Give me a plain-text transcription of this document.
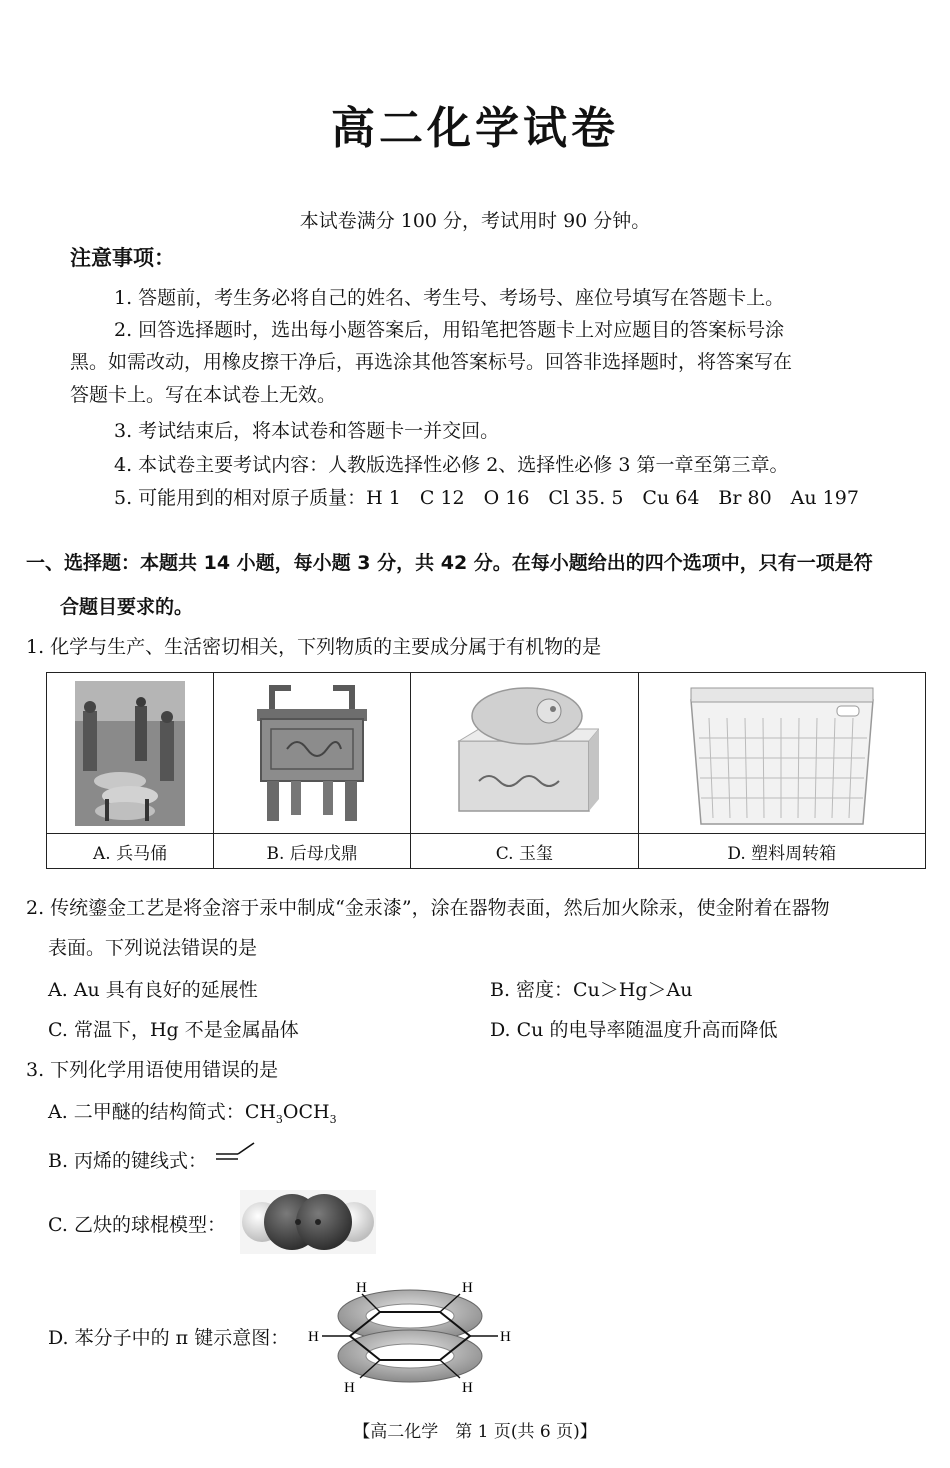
高二化学试卷
本试卷满分 100 分，考试用时 90 分钟。
注意事项：
1. 答题前，考生务必将自己的姓名、考生号、考场号、座位号填写在答题卡上。
2. 回答选择题时，选出每小题答案后，用铅笔把答题卡上对应题目的答案标号涂
黑。如需改动，用橡皮擦干净后，再选涂其他答案标号。回答非选择题时，将答案写在
答题卡上。写在本试卷上无效。
3. 考试结束后，将本试卷和答题卡一并交回。
4. 本试卷主要考试内容：人教版选择性必修 2、选择性必修 3 第一章至第三章。
5. 可能用到的相对原子质量：H 1　C 12　O 16　Cl 35. 5　Cu 64　Br 80　Au 197
一、选择题：本题共 14 小题，每小题 3 分，共 42 分。在每小题给出的四个选项中，只有一项是符
合题目要求的。
1. 化学与生产、生活密切相关，下列物质的主要成分属于有机物的是

A. 兵马俑	B. 后母戊鼎	C. 玉玺	D. 塑料周转箱
2. 传统鎏金工艺是将金溶于汞中制成“金汞漆”，涂在器物表面，然后加火除汞，使金附着在器物
表面。下列说法错误的是
A. Au 具有良好的延展性	B. 密度：Cu＞Hg＞Au
C. 常温下，Hg 不是金属晶体	D. Cu 的电导率随温度升高而降低
3. 下列化学用语使用错误的是
A. 二甲醚的结构简式：$CH_3OCH_3$
B. 丙烯的键线式：
C. 乙炔的球棍模型：
D. 苯分子中的 π 键示意图：
H	H
H	H
H	H
【高二化学　第 1 页(共 6 页)】
